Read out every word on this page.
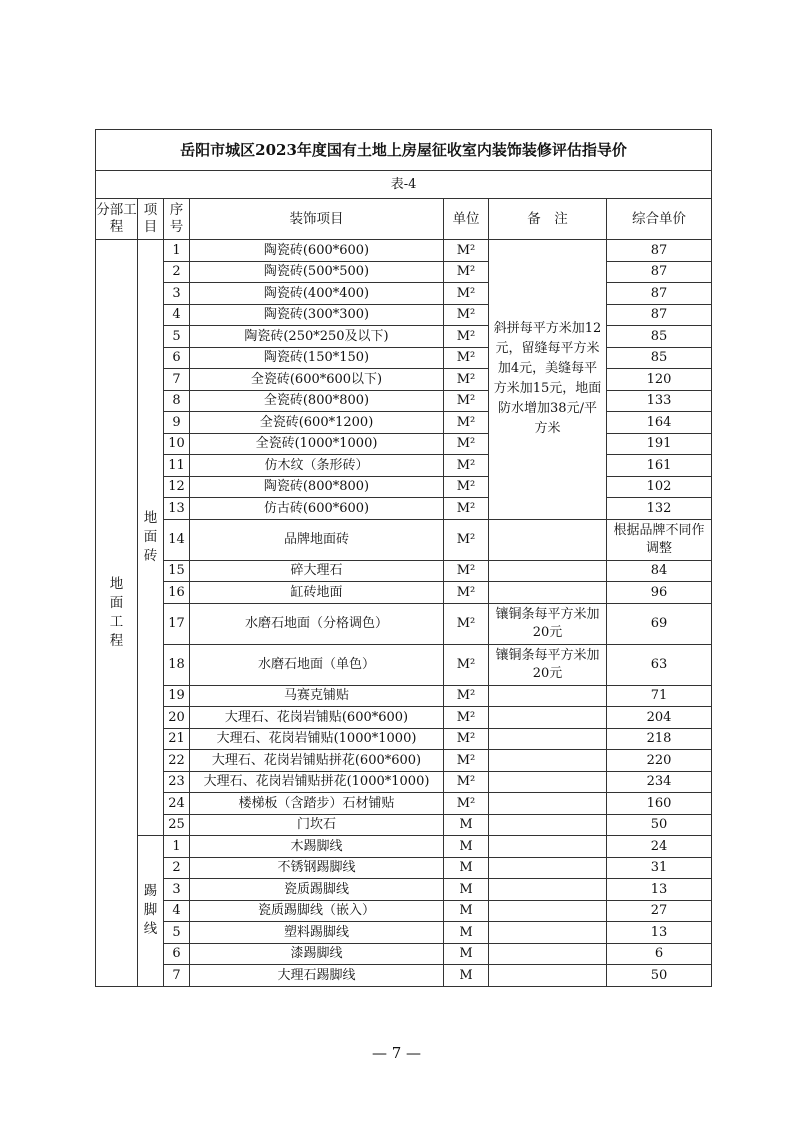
岳阳市城区2023年度国有土地上房屋征收室内装饰装修评估指导价						
表-4						
分部工程	项目	序号	装饰项目	单位	备　注	综合单价
地面工程	地面砖	1	陶瓷砖(600*600)	M²	斜拼每平方米加12元，留缝每平方米加4元，美缝每平方米加15元，地面防水增加38元/平方米	87
		2	陶瓷砖(500*500)	M²		87
		3	陶瓷砖(400*400)	M²		87
		4	陶瓷砖(300*300)	M²		87
		5	陶瓷砖(250*250及以下)	M²		85
		6	陶瓷砖(150*150)	M²		85
		7	全瓷砖(600*600以下)	M²		120
		8	全瓷砖(800*800)	M²		133
		9	全瓷砖(600*1200)	M²		164
		10	全瓷砖(1000*1000)	M²		191
		11	仿木纹（条形砖）	M²		161
		12	陶瓷砖(800*800)	M²		102
		13	仿古砖(600*600)	M²		132
		14	品牌地面砖	M²		根据品牌不同作调整
		15	碎大理石	M²		84
		16	缸砖地面	M²		96
		17	水磨石地面（分格调色）	M²	镶铜条每平方米加20元	69
		18	水磨石地面（单色）	M²	镶铜条每平方米加20元	63
		19	马赛克铺贴	M²		71
		20	大理石、花岗岩铺贴(600*600)	M²		204
		21	大理石、花岗岩铺贴(1000*1000)	M²		218
		22	大理石、花岗岩铺贴拼花(600*600)	M²		220
		23	大理石、花岗岩铺贴拼花(1000*1000)	M²		234
		24	楼梯板（含踏步）石材铺贴	M²		160
		25	门坎石	M		50
	踢脚线	1	木踢脚线	M		24
		2	不锈钢踢脚线	M		31
		3	瓷质踢脚线	M		13
		4	瓷质踢脚线（嵌入）	M		27
		5	塑料踢脚线	M		13
		6	漆踢脚线	M		6
		7	大理石踢脚线	M		50
— 7 —
